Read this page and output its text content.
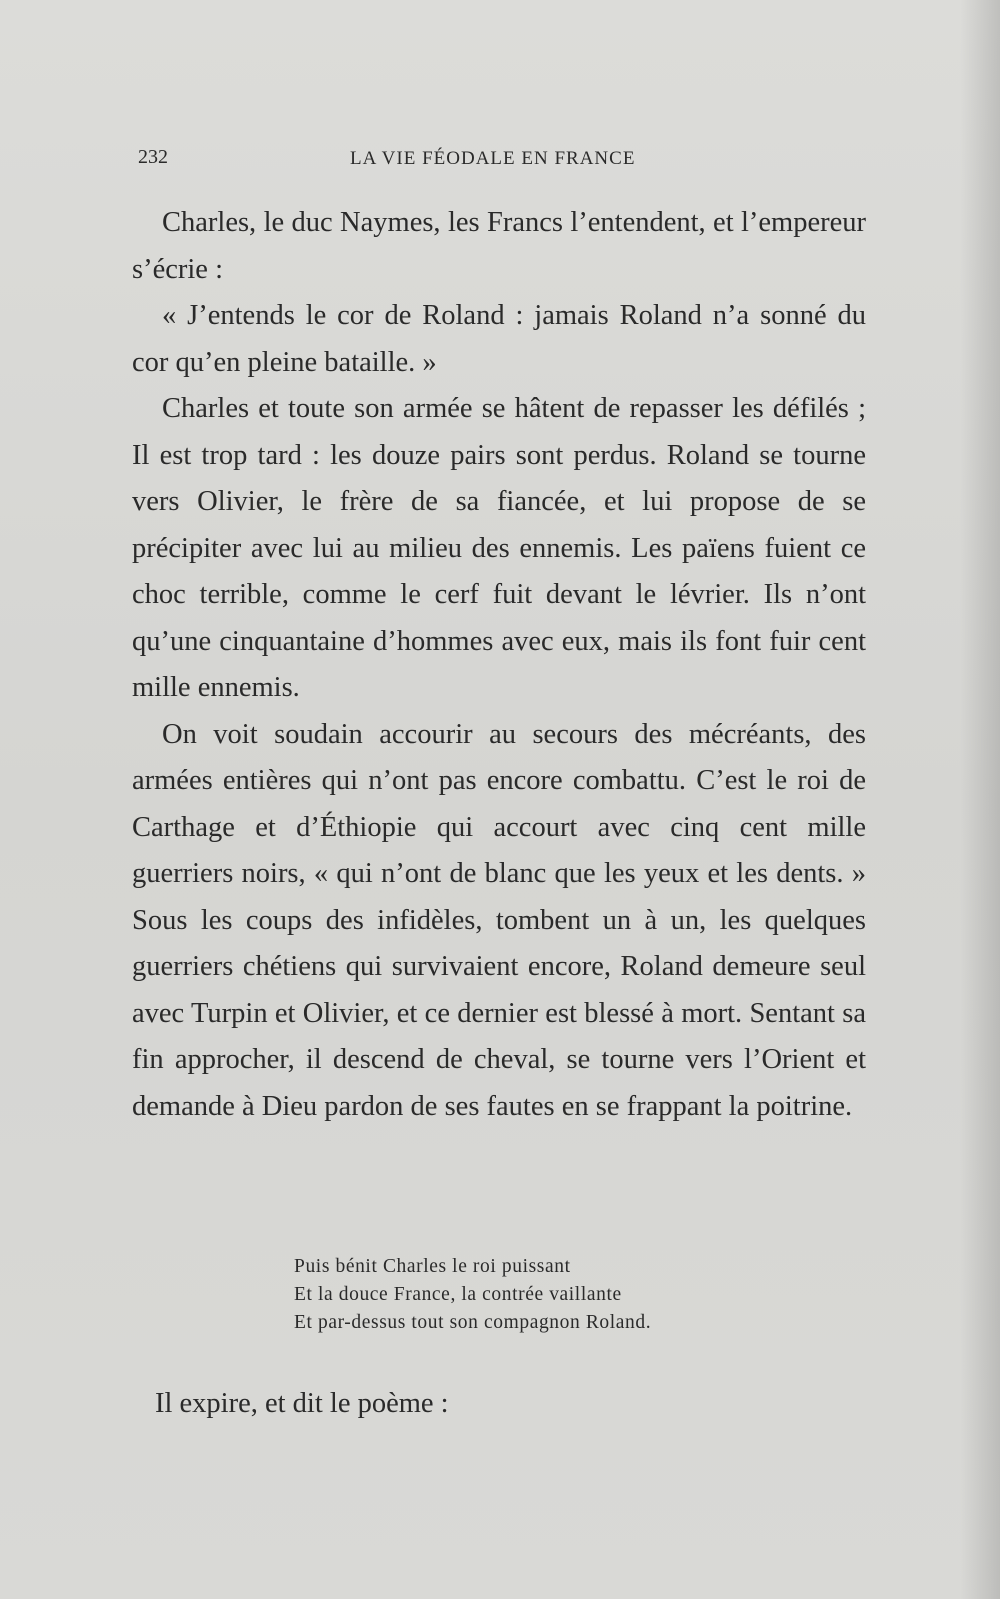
232	LA VIE FÉODALE EN FRANCE

Charles, le duc Naymes, les Francs l’entendent, et l’empereur s’écrie :

« J’entends le cor de Roland : jamais Roland n’a sonné du cor qu’en pleine bataille. »

Charles et toute son armée se hâtent de repasser les défilés ; Il est trop tard : les douze pairs sont perdus. Roland se tourne vers Olivier, le frère de sa fiancée, et lui propose de se précipiter avec lui au milieu des ennemis. Les païens fuient ce choc terrible, comme le cerf fuit devant le lévrier. Ils n’ont qu’une cinquantaine d’hommes avec eux, mais ils font fuir cent mille ennemis.

On voit soudain accourir au secours des mécréants, des armées entières qui n’ont pas encore combattu. C’est le roi de Carthage et d’Éthiopie qui accourt avec cinq cent mille guerriers noirs, « qui n’ont de blanc que les yeux et les dents. » Sous les coups des infidèles, tombent un à un, les quelques guerriers chétiens qui survivaient encore, Roland demeure seul avec Turpin et Olivier, et ce dernier est blessé à mort. Sentant sa fin approcher, il descend de cheval, se tourne vers l’Orient et demande à Dieu pardon de ses fautes en se frappant la poitrine.

Puis bénit Charles le roi puissant
Et la douce France, la contrée vaillante
Et par-dessus tout son compagnon Roland.
Il expire, et dit le poème :
